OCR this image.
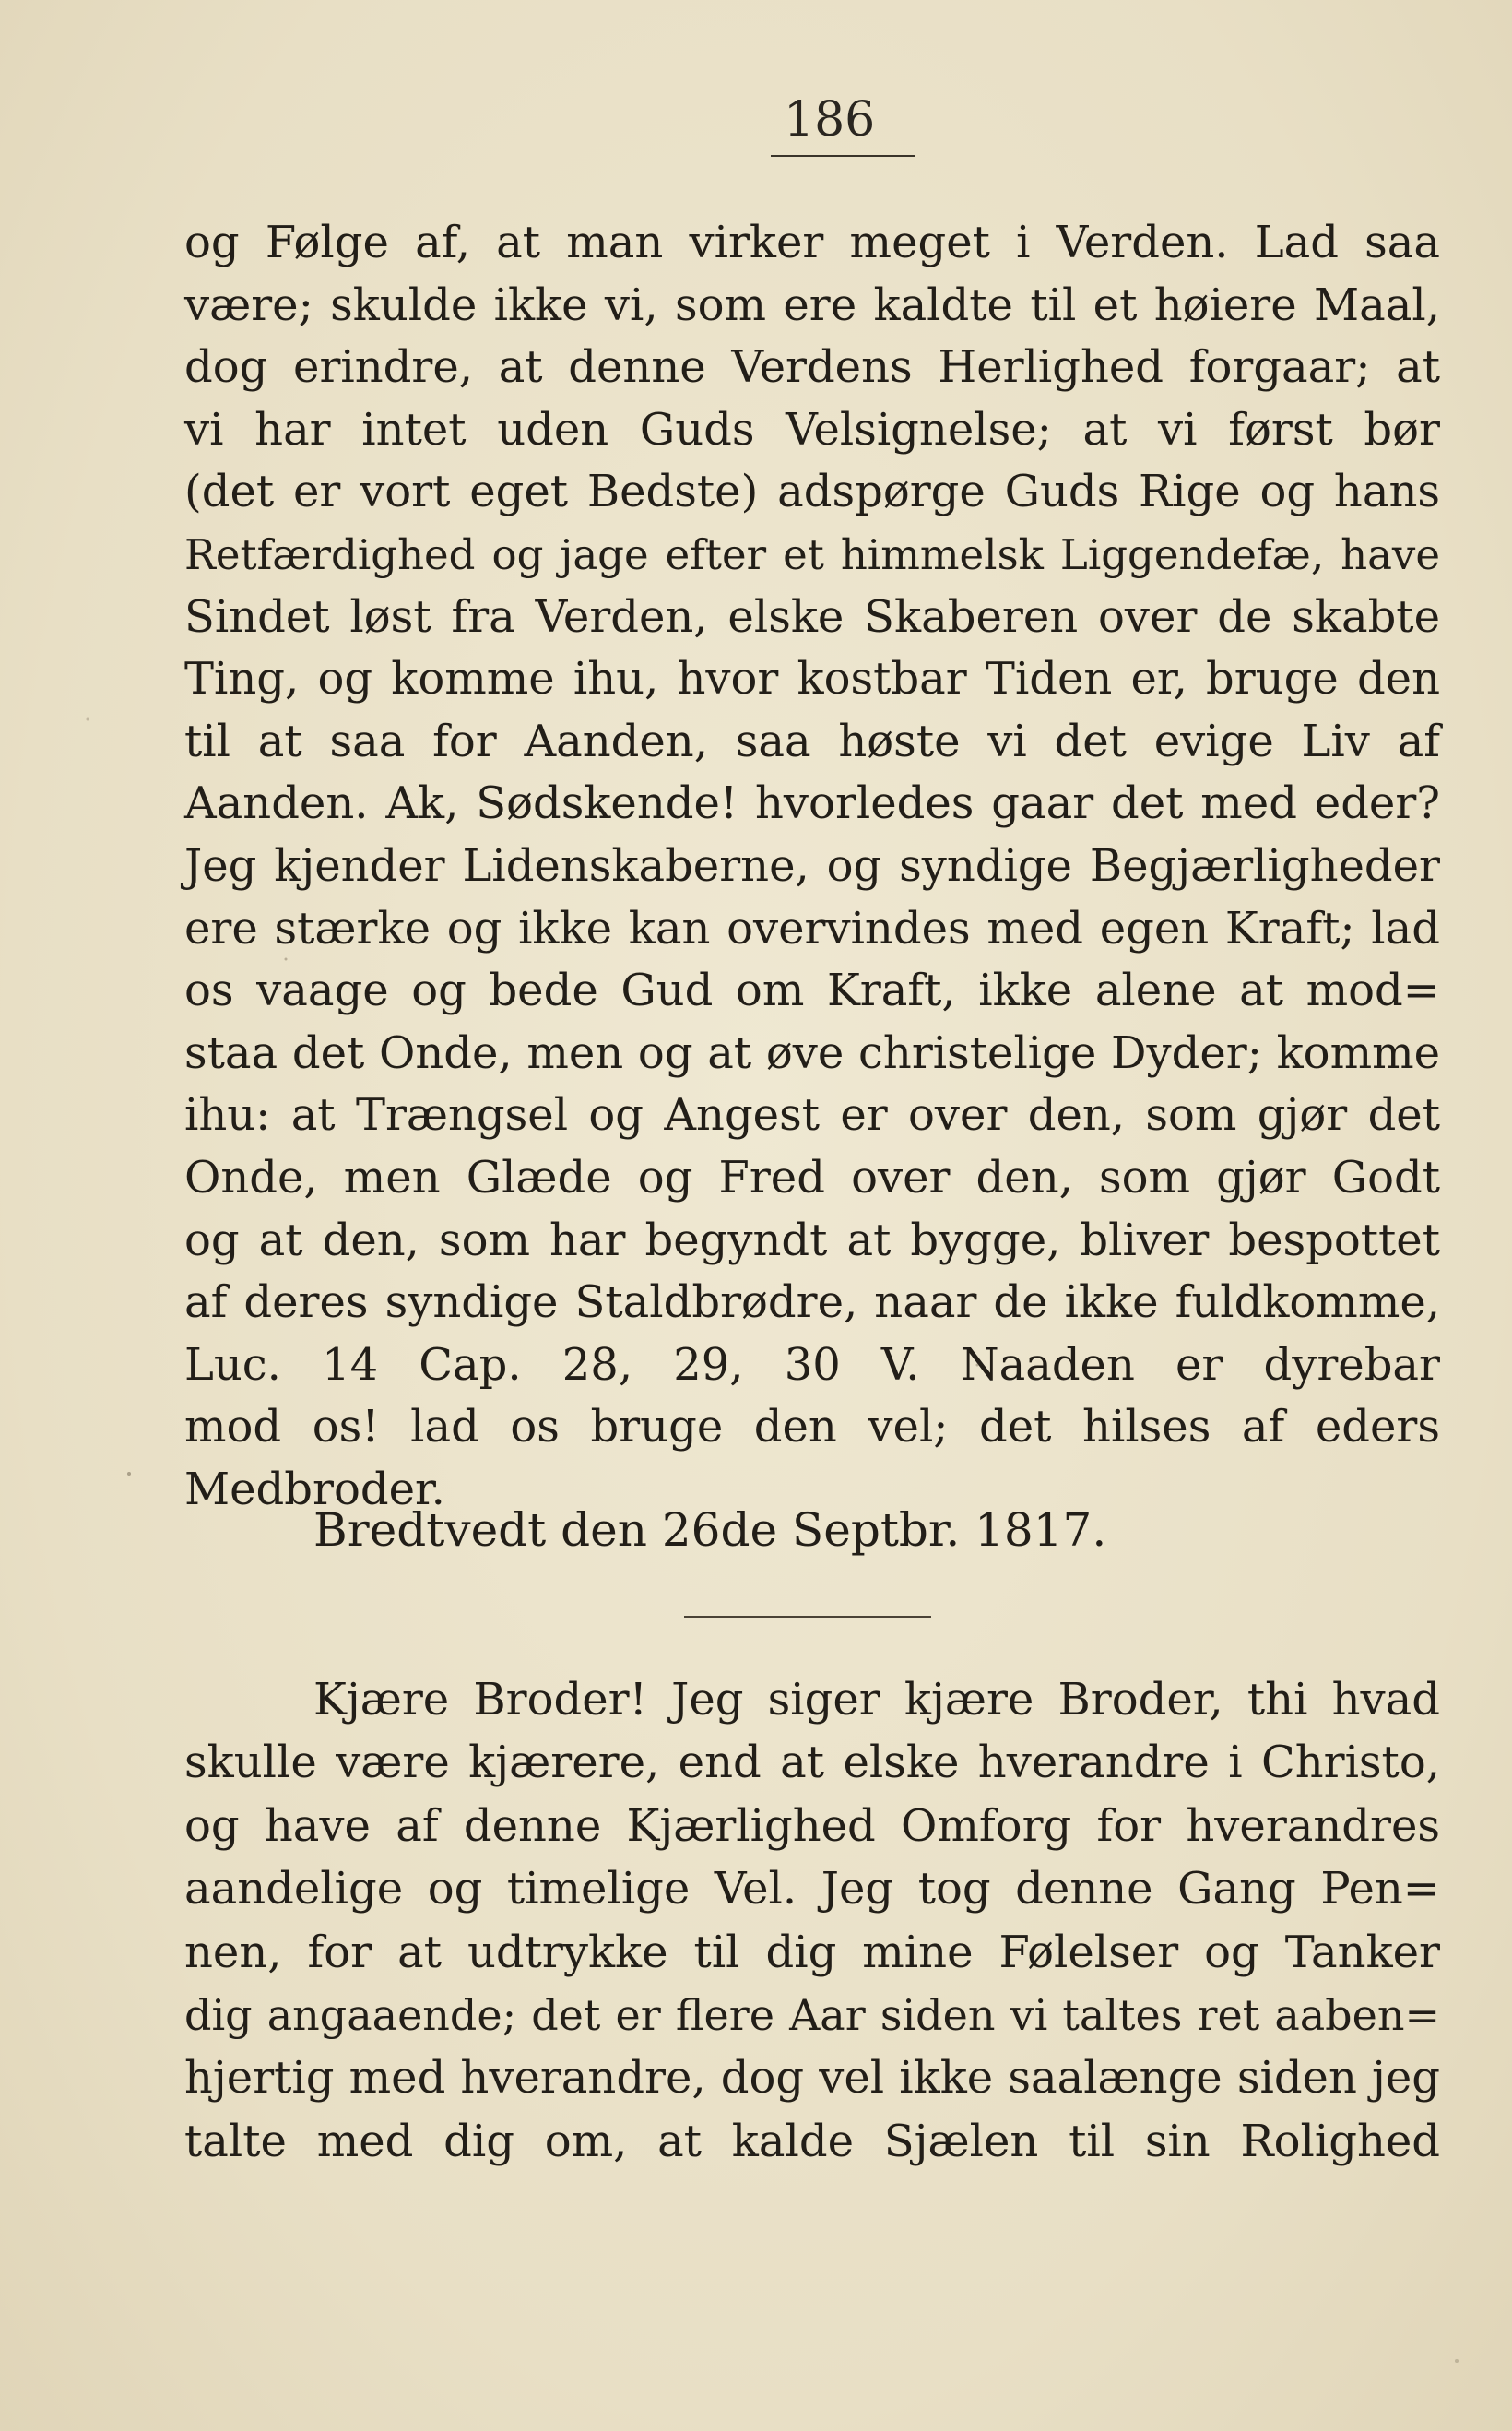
186
og Følge af, at man virker meget i Verden. Lad saa
være; skulde ikke vi, som ere kaldte til et høiere Maal,
dog erindre, at denne Verdens Herlighed forgaar; at
vi har intet uden Guds Velsignelse; at vi først bør
(det er vort eget Bedste) adspørge Guds Rige og hans
Retfærdighed og jage efter et himmelsk Liggendefæ, have
Sindet løst fra Verden, elske Skaberen over de skabte
Ting, og komme ihu, hvor kostbar Tiden er, bruge den
til at saa for Aanden, saa høste vi det evige Liv af
Aanden. Ak, Sødskende! hvorledes gaar det med eder?
Jeg kjender Lidenskaberne, og syndige Begjærligheder
ere stærke og ikke kan overvindes med egen Kraft; lad
os vaage og bede Gud om Kraft, ikke alene at mod=
staa det Onde, men og at øve christelige Dyder; komme
ihu: at Trængsel og Angest er over den, som gjør det
Onde, men Glæde og Fred over den, som gjør Godt
og at den, som har begyndt at bygge, bliver bespottet
af deres syndige Staldbrødre, naar de ikke fuldkomme,
Luc. 14 Cap. 28, 29, 30 V. Naaden er dyrebar
mod os! lad os bruge den vel; det hilses af eders
Medbroder.
Bredtvedt den 26de Septbr. 1817.
Kjære Broder! Jeg siger kjære Broder, thi hvad
skulle være kjærere, end at elske hverandre i Christo,
og have af denne Kjærlighed Omforg for hverandres
aandelige og timelige Vel. Jeg tog denne Gang Pen=
nen, for at udtrykke til dig mine Følelser og Tanker
dig angaaende; det er flere Aar siden vi taltes ret aaben=
hjertig med hverandre, dog vel ikke saalænge siden jeg
talte med dig om, at kalde Sjælen til sin Rolighed
